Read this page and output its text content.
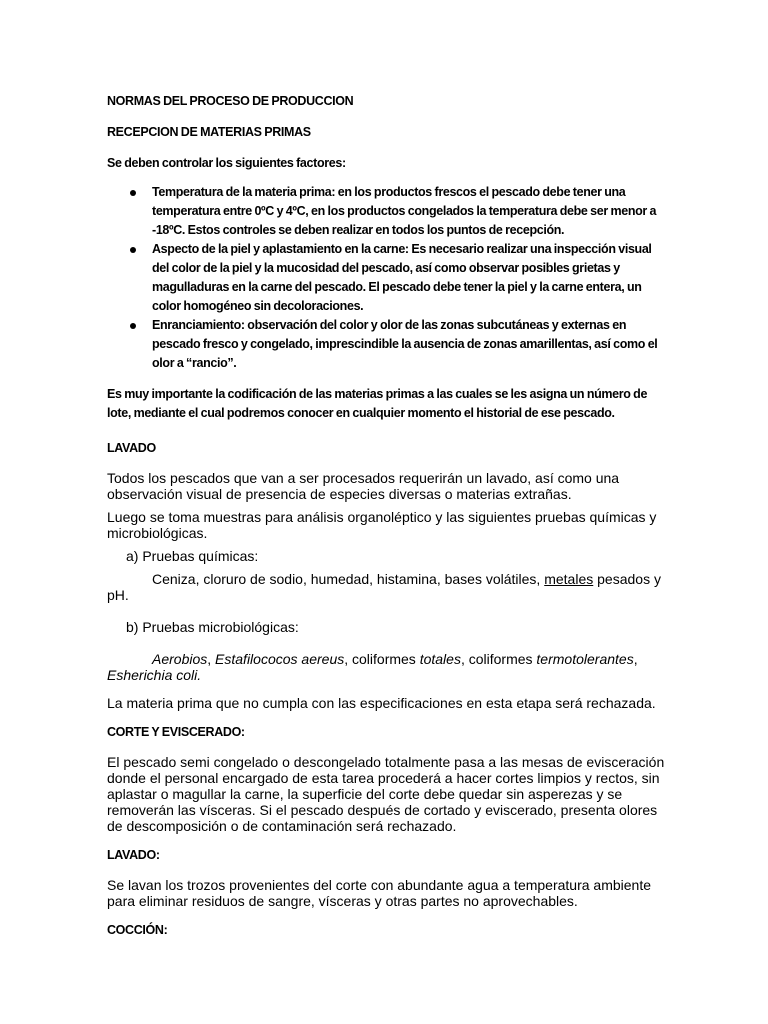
NORMAS DEL PROCESO DE PRODUCCION
RECEPCION DE MATERIAS PRIMAS
Se deben controlar los siguientes factores:
Temperatura de la materia prima: en los productos frescos el pescado debe tener una temperatura entre 0ºC y 4ºC, en los productos congelados la temperatura debe ser menor a -18ºC. Estos controles se deben realizar en todos los puntos de recepción.
Aspecto de la piel y aplastamiento en la carne: Es necesario realizar una inspección visual del color de la piel y la mucosidad del pescado, así como observar posibles grietas y magulladuras en la carne del pescado. El pescado debe tener la piel y la carne entera, un color homogéneo sin decoloraciones.
Enranciamiento: observación del color y olor de las zonas subcutáneas y externas en pescado fresco y congelado, imprescindible la ausencia de zonas amarillentas, así como el olor a “rancio”.
Es muy importante la codificación de las materias primas a las cuales se les asigna un número de lote, mediante el cual podremos conocer en cualquier momento el historial de ese pescado.
LAVADO
Todos los pescados que van a ser procesados requerirán un lavado, así como una observación visual de presencia de especies diversas o materias extrañas.
Luego se toma muestras para análisis organoléptico y las siguientes pruebas químicas y microbiológicas.
a) Pruebas químicas:
Ceniza, cloruro de sodio, humedad, histamina, bases volátiles, metales pesados y pH.
b) Pruebas microbiológicas:
Aerobios, Estafilococos aereus, coliformes totales, coliformes termotolerantes, Esherichia coli.
La materia prima que no cumpla con las especificaciones en esta etapa será rechazada.
CORTE Y EVISCERADO:
El pescado semi congelado o descongelado totalmente pasa a las mesas de evisceración donde el personal encargado de esta tarea procederá a hacer cortes limpios y rectos, sin aplastar o magullar la carne, la superficie del corte debe quedar sin asperezas y se removerán las vísceras. Si el pescado después de cortado y eviscerado, presenta olores de descomposición o de contaminación será rechazado.
LAVADO:
Se lavan los trozos provenientes del corte con abundante agua a temperatura ambiente para eliminar residuos de sangre, vísceras y otras partes no aprovechables.
COCCIÓN:
